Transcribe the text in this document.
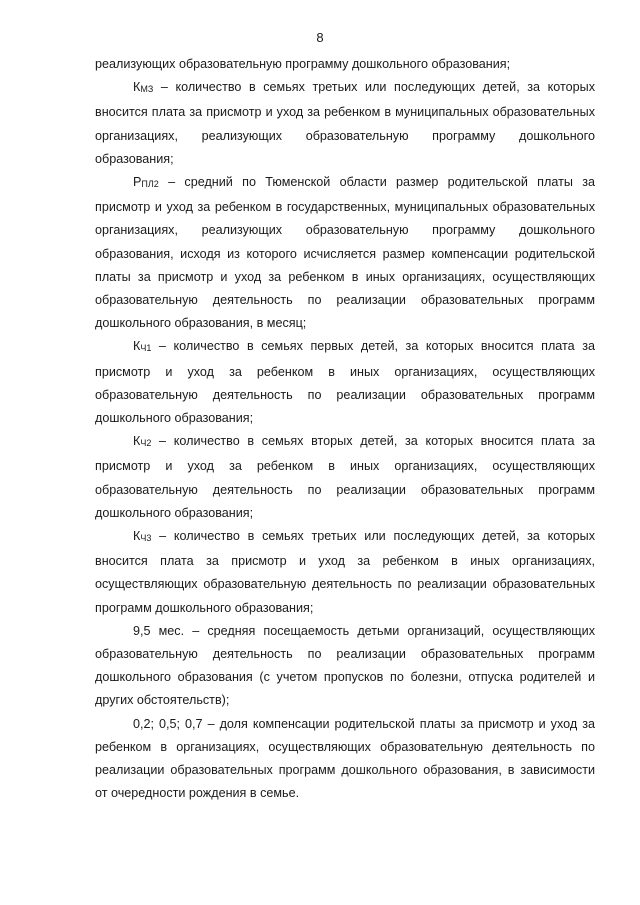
8

реализующих образовательную программу дошкольного образования;

КМЗ – количество в семьях третьих или последующих детей, за которых вносится плата за присмотр и уход за ребенком в муниципальных образовательных организациях, реализующих образовательную программу дошкольного образования;

РПЛ2 – средний по Тюменской области размер родительской платы за присмотр и уход за ребенком в государственных, муниципальных образовательных организациях, реализующих образовательную программу дошкольного образования, исходя из которого исчисляется размер компенсации родительской платы за присмотр и уход за ребенком в иных организациях, осуществляющих образовательную деятельность по реализации образовательных программ дошкольного образования, в месяц;

КЧ1 – количество в семьях первых детей, за которых вносится плата за присмотр и уход за ребенком в иных организациях, осуществляющих образовательную деятельность по реализации образовательных программ дошкольного образования;

КЧ2 – количество в семьях вторых детей, за которых вносится плата за присмотр и уход за ребенком в иных организациях, осуществляющих образовательную деятельность по реализации образовательных программ дошкольного образования;

КЧ3 – количество в семьях третьих или последующих детей, за которых вносится плата за присмотр и уход за ребенком в иных организациях, осуществляющих образовательную деятельность по реализации образовательных программ дошкольного образования;

9,5 мес. – средняя посещаемость детьми организаций, осуществляющих образовательную деятельность по реализации образовательных программ дошкольного образования (с учетом пропусков по болезни, отпуска родителей и других обстоятельств);

0,2; 0,5; 0,7 – доля компенсации родительской платы за присмотр и уход за ребенком в организациях, осуществляющих образовательную деятельность по реализации образовательных программ дошкольного образования, в зависимости от очередности рождения в семье.
